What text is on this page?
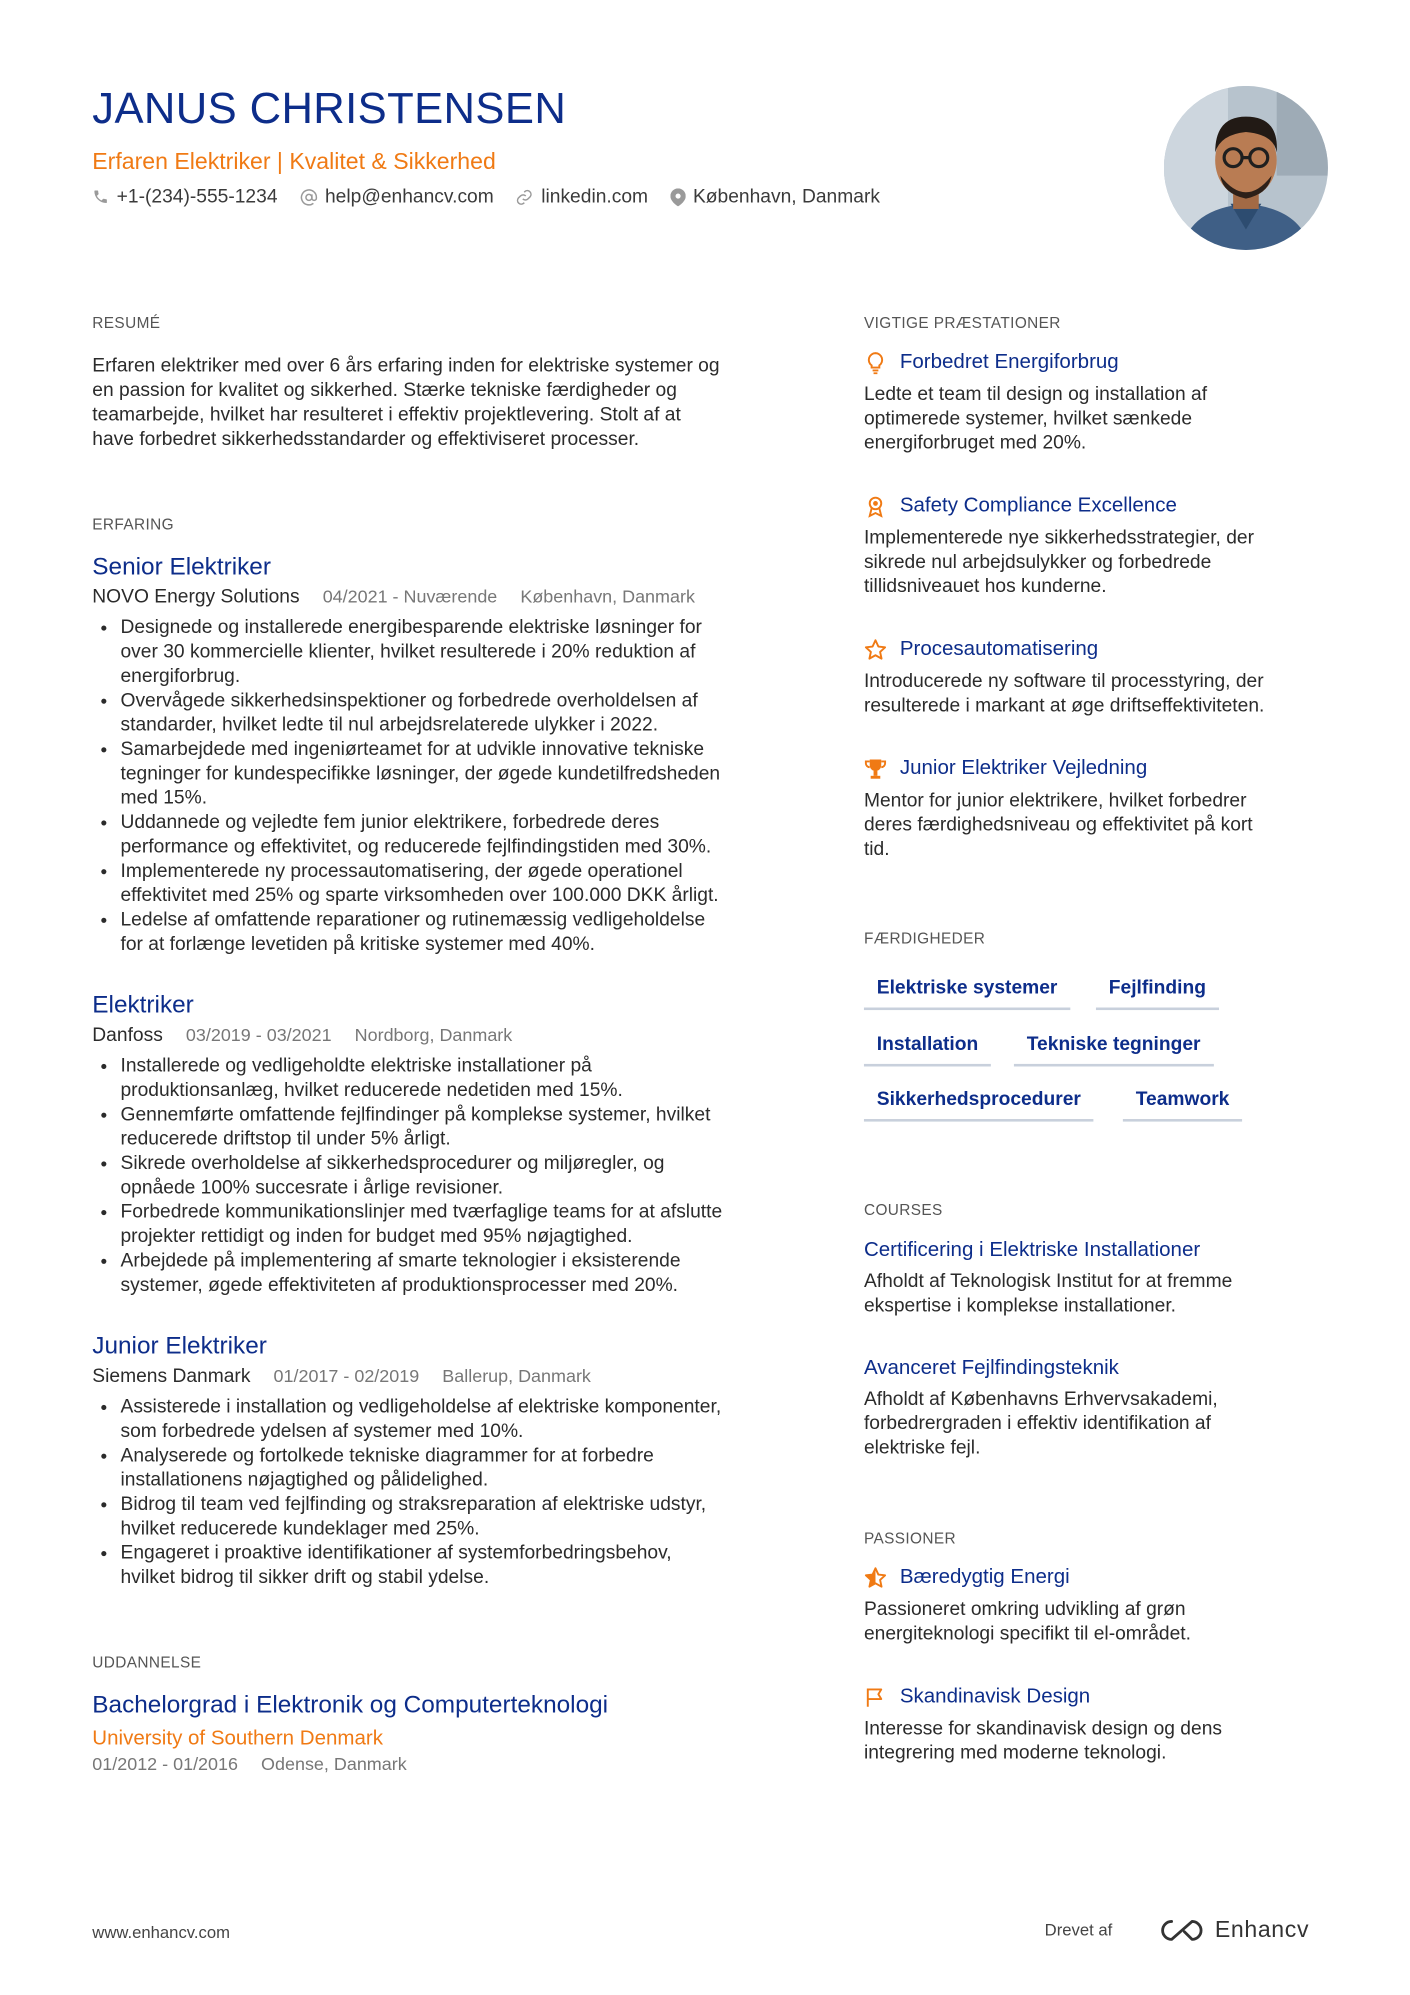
JANUS CHRISTENSEN
Erfaren Elektriker | Kvalitet & Sikkerhed
+1-(234)-555-1234	help@enhancv.com	linkedin.com	København, Danmark
RESUMÉ
Erfaren elektriker med over 6 års erfaring inden for elektriske systemer og
en passion for kvalitet og sikkerhed. Stærke tekniske færdigheder og
teamarbejde, hvilket har resulteret i effektiv projektlevering. Stolt af at
have forbedret sikkerhedsstandarder og effektiviseret processer.
ERFARING
Senior Elektriker
NOVO Energy Solutions 04/2021 - Nuværende København, Danmark
• Designede og installerede energibesparende elektriske løsninger for
over 30 kommercielle klienter, hvilket resulterede i 20% reduktion af
energiforbrug.
• Overvågede sikkerhedsinspektioner og forbedrede overholdelsen af
standarder, hvilket ledte til nul arbejdsrelaterede ulykker i 2022.
• Samarbejdede med ingeniørteamet for at udvikle innovative tekniske
tegninger for kundespecifikke løsninger, der øgede kundetilfredsheden
med 15%.
• Uddannede og vejledte fem junior elektrikere, forbedrede deres
performance og effektivitet, og reducerede fejlfindingstiden med 30%.
• Implementerede ny processautomatisering, der øgede operationel
effektivitet med 25% og sparte virksomheden over 100.000 DKK årligt.
• Ledelse af omfattende reparationer og rutinemæssig vedligeholdelse
for at forlænge levetiden på kritiske systemer med 40%.
Elektriker
Danfoss 03/2019 - 03/2021 Nordborg, Danmark
• Installerede og vedligeholdte elektriske installationer på
produktionsanlæg, hvilket reducerede nedetiden med 15%.
• Gennemførte omfattende fejlfindinger på komplekse systemer, hvilket
reducerede driftstop til under 5% årligt.
• Sikrede overholdelse af sikkerhedsprocedurer og miljøregler, og
opnåede 100% succesrate i årlige revisioner.
• Forbedrede kommunikationslinjer med tværfaglige teams for at afslutte
projekter rettidigt og inden for budget med 95% nøjagtighed.
• Arbejdede på implementering af smarte teknologier i eksisterende
systemer, øgede effektiviteten af produktionsprocesser med 20%.
Junior Elektriker
Siemens Danmark 01/2017 - 02/2019 Ballerup, Danmark
• Assisterede i installation og vedligeholdelse af elektriske komponenter,
som forbedrede ydelsen af systemer med 10%.
• Analyserede og fortolkede tekniske diagrammer for at forbedre
installationens nøjagtighed og pålidelighed.
• Bidrog til team ved fejlfinding og straksreparation af elektriske udstyr,
hvilket reducerede kundeklager med 25%.
• Engageret i proaktive identifikationer af systemforbedringsbehov,
hvilket bidrog til sikker drift og stabil ydelse.
UDDANNELSE
Bachelorgrad i Elektronik og Computerteknologi
University of Southern Denmark
01/2012 - 01/2016 Odense, Danmark
VIGTIGE PRÆSTATIONER
Forbedret Energiforbrug
Ledte et team til design og installation af
optimerede systemer, hvilket sænkede
energiforbruget med 20%.
Safety Compliance Excellence
Implementerede nye sikkerhedsstrategier, der
sikrede nul arbejdsulykker og forbedrede
tillidsniveauet hos kunderne.
Procesautomatisering
Introducerede ny software til processtyring, der
resulterede i markant at øge driftseffektiviteten.
Junior Elektriker Vejledning
Mentor for junior elektrikere, hvilket forbedrer
deres færdighedsniveau og effektivitet på kort
tid.
FÆRDIGHEDER
Elektriske systemer	Fejlfinding
Installation	Tekniske tegninger
Sikkerhedsprocedurer	Teamwork
COURSES
Certificering i Elektriske Installationer
Afholdt af Teknologisk Institut for at fremme
ekspertise i komplekse installationer.
Avanceret Fejlfindingsteknik
Afholdt af Københavns Erhvervsakademi,
forbedrergraden i effektiv identifikation af
elektriske fejl.
PASSIONER
Bæredygtig Energi
Passioneret omkring udvikling af grøn
energiteknologi specifikt til el-området.
Skandinavisk Design
Interesse for skandinavisk design og dens
integrering med moderne teknologi.
www.enhancv.com	Drevet af	Enhancv
